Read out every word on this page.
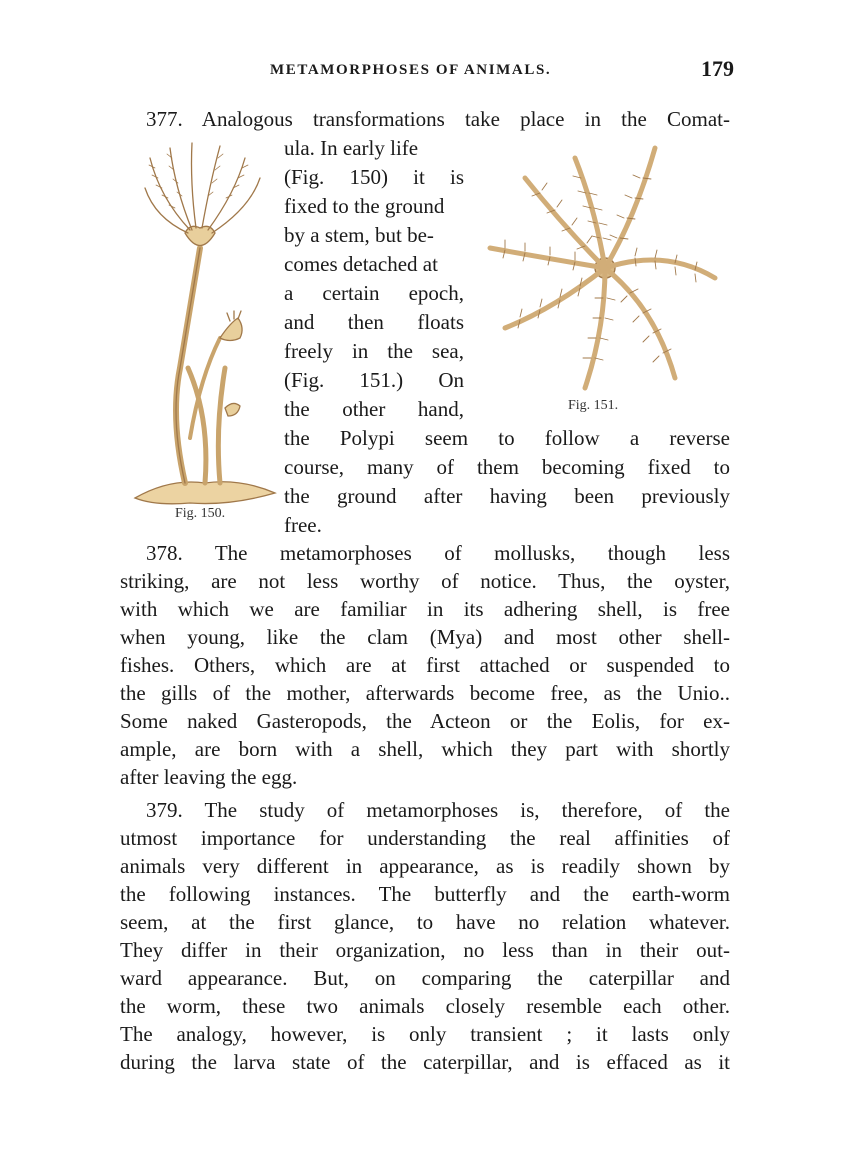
METAMORPHOSES OF ANIMALS.	179
Fig. 150.
Fig. 151.
377. Analogous transformations take place in the Comat-
ula. In early life
(Fig. 150) it is
fixed to the ground
by a stem, but be-
comes detached at
a certain epoch,
and then floats
freely in the sea,
(Fig. 151.) On
the other hand,
the Polypi seem to follow a reverse
course, many of them becoming fixed to
the ground after having been previously
free.
378. The metamorphoses of mollusks, though less
striking, are not less worthy of notice. Thus, the oyster,
with which we are familiar in its adhering shell, is free
when young, like the clam (Mya) and most other shell-
fishes. Others, which are at first attached or suspended to
the gills of the mother, afterwards become free, as the Unio..
Some naked Gasteropods, the Acteon or the Eolis, for ex-
ample, are born with a shell, which they part with shortly
after leaving the egg.
379. The study of metamorphoses is, therefore, of the
utmost importance for understanding the real affinities of
animals very different in appearance, as is readily shown by
the following instances. The butterfly and the earth-worm
seem, at the first glance, to have no relation whatever.
They differ in their organization, no less than in their out-
ward appearance. But, on comparing the caterpillar and
the worm, these two animals closely resemble each other.
The analogy, however, is only transient ; it lasts only
during the larva state of the caterpillar, and is effaced as it
